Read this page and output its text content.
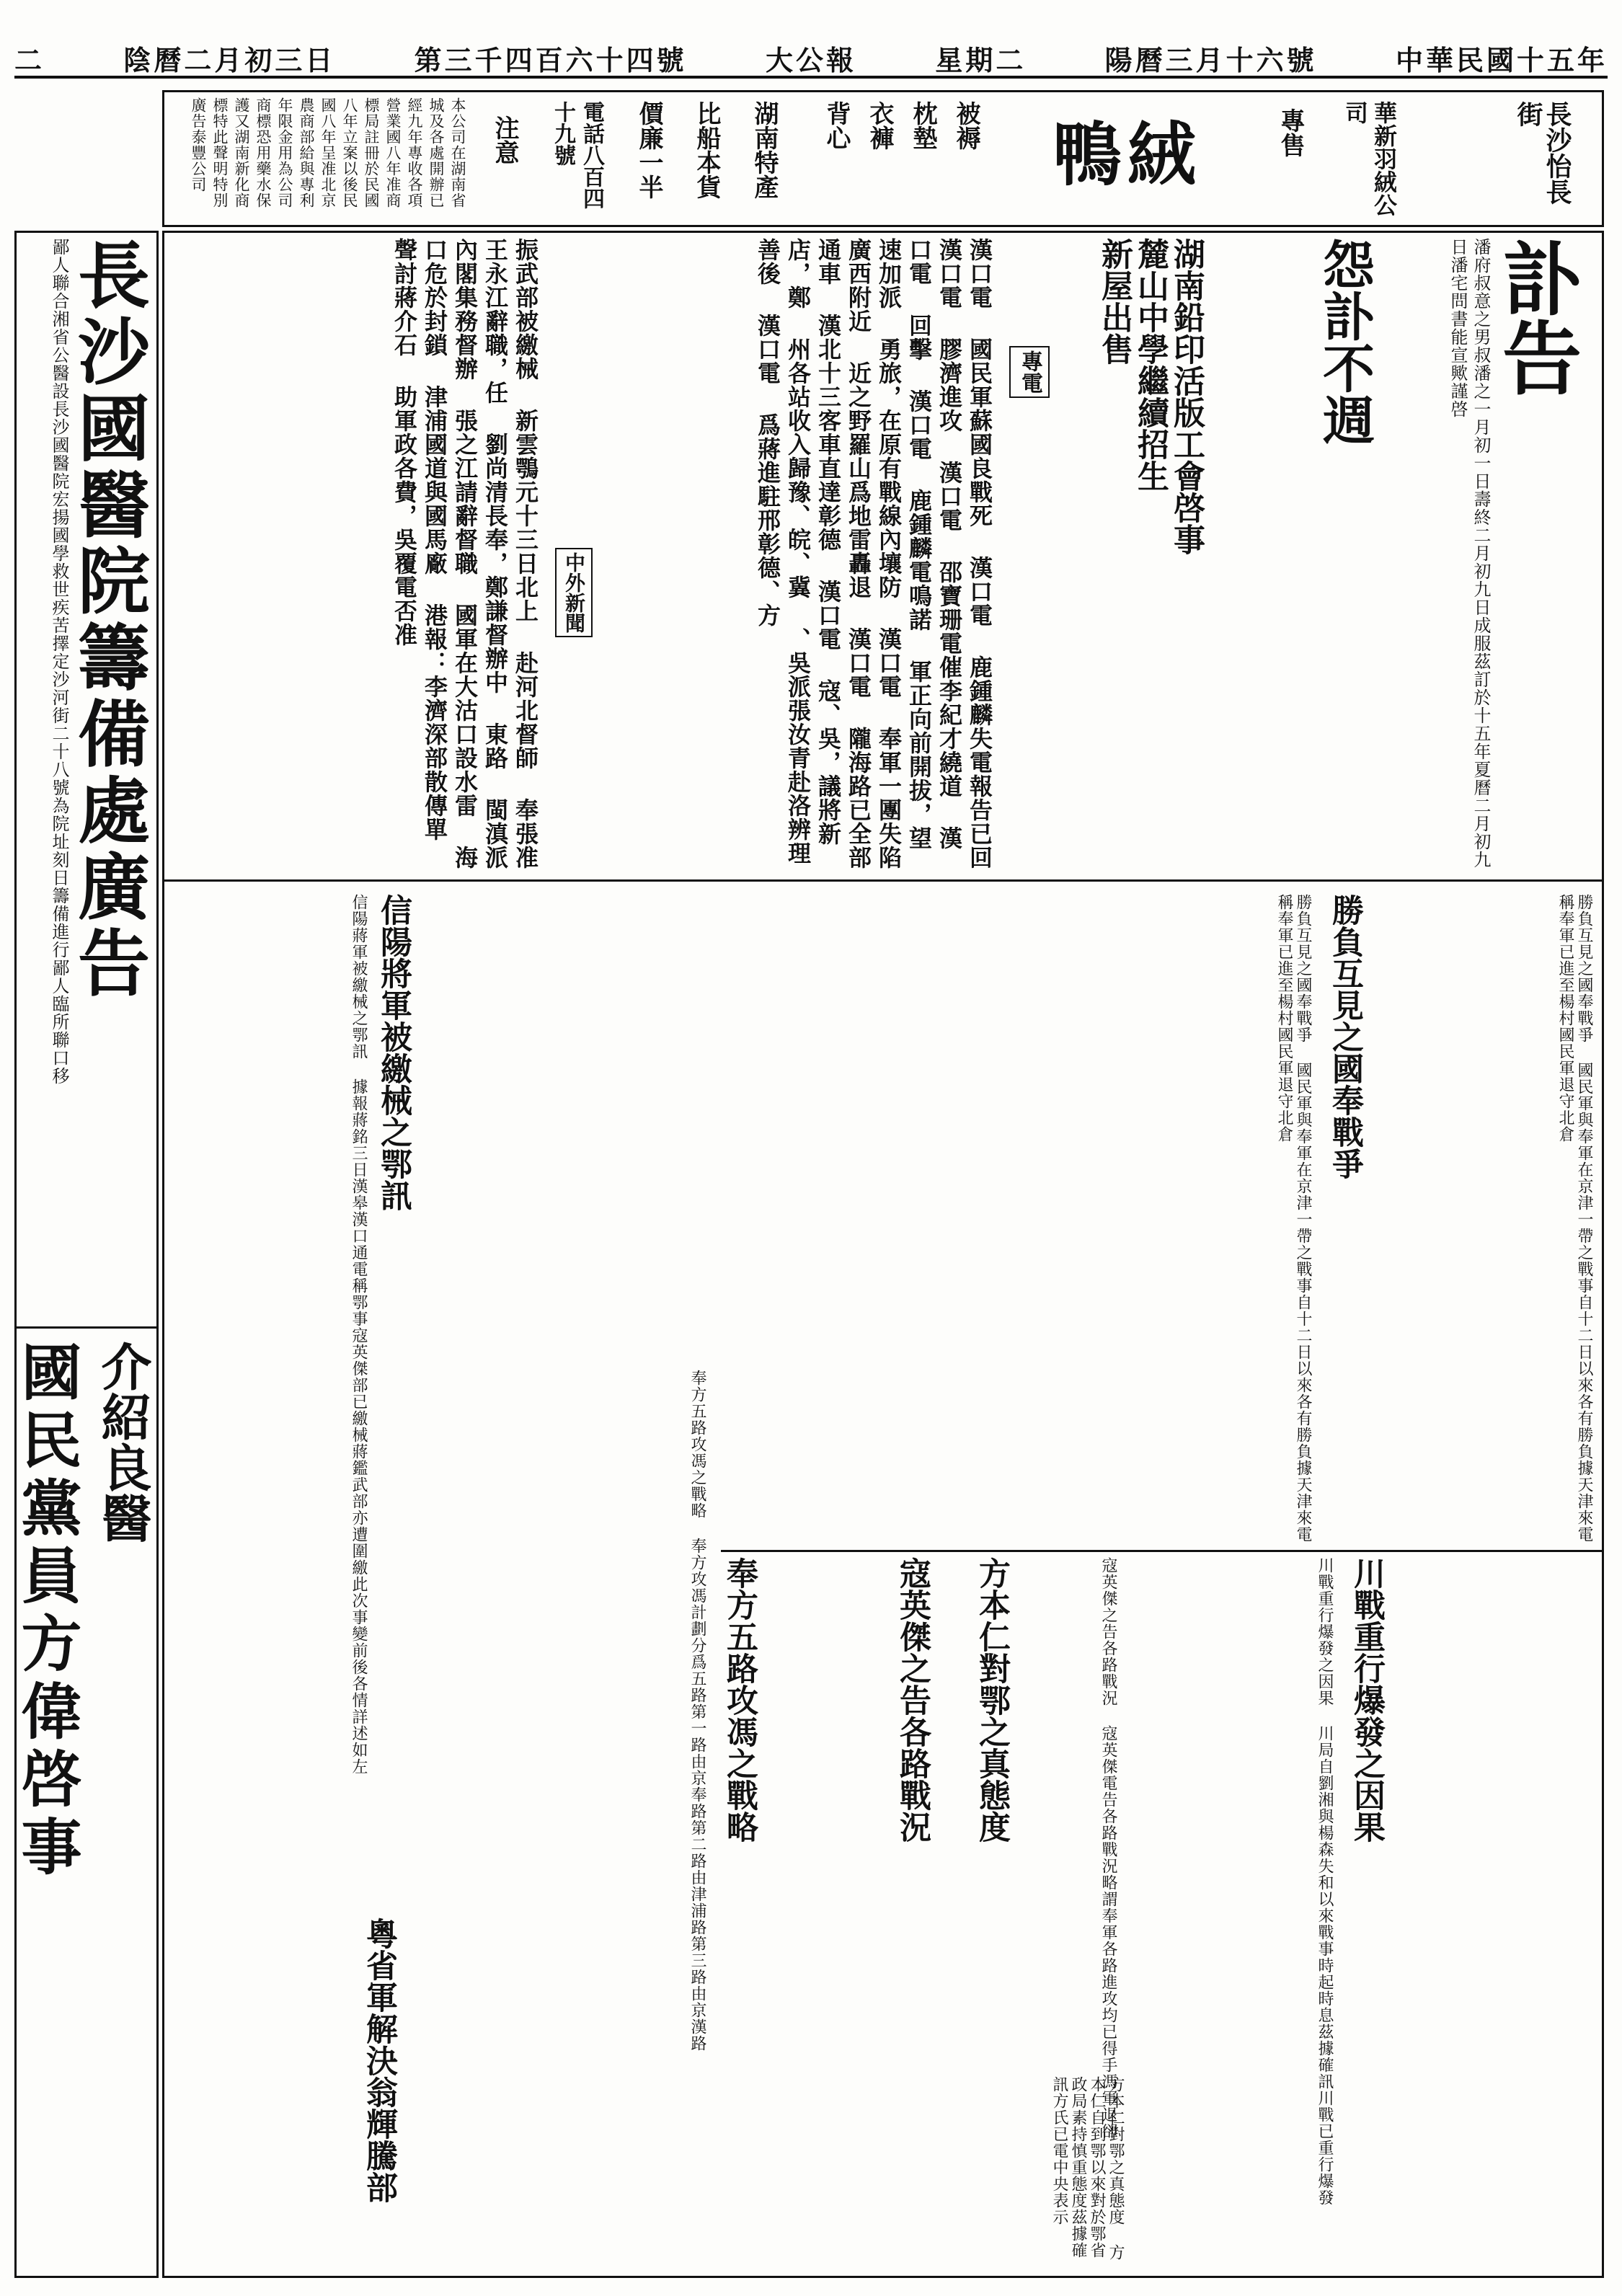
二	陰曆二月初三日	第三千四百六十四號	大公報	星期二	陽曆三月十六號	中華民國十五年
本公司在湖南省城及各處開辦已經九年專收各項營業國八年准商標局註冊於民國八年立案以後民國八年呈准北京農商部給與專利年限金用為公司商標恐用藥水保護又湖南新化商標特此聲明特別廣告泰豐公司	注意	電話八百四十九號	價廉一半 比船本貨 湖南特產 背心 衣褲 枕墊 被褥 鴨絨	專售	華新羽絨公司	長沙怡長街
長沙國醫院籌備處廣告
鄙人聯合湘省公醫設長沙國醫院宏揚國學救世疾苦擇定沙河街二十八號為院址刻日籌備進行鄙人臨所聯口移
介紹良醫
國民黨員方偉啓事
訃告
怨訃不週	潘府叔意之男叔潘之一月初一日壽終二月初九日成服茲訂於十五年夏曆二月初九日潘宅問書能宣歟謹啓
湖南鉛印活版工會啓事
麓山中學繼續招生
新屋出售
專電
漢口電 國民軍蘇國良戰死 漢口電 鹿鍾麟失電報告已回 漢口電 膠濟進攻 漢口電 邵寶珊電催李紀才繞道 漢口電 回擊 漢口電 鹿鍾麟電鳴諾 軍正向前開拔，望速加派 勇旅，在原有戰線內壤防 漢口電 奉軍一團失陷廣西附近 近之野羅山爲地雷轟退 漢口電 隴海路已全部通車 漢北十三客車直達彰德 漢口電 寇、吳，議將新店，鄭 州各站收入歸豫、皖、冀 、吳派張汝青赴洛辨理善後 漢口電 爲蔣進駐邢彰德、方
振武部被繳械 新雲鶚元十三日北上 赴河北督師 奉張准王永江辭職，任 劉尚清長奉，鄭謙督辦中 東路 閩滇派內閣集務督辦 張之江請辭督職 國軍在大沽口設水雷 海口危於封鎖 津浦國道與國馬廠 港報：李濟深部散傳單 聲討蔣介石 助軍政各費，吳覆電否准	中外新聞
信陽將軍被繳械之鄂訊
信陽蔣軍被繳械之鄂訊 據報蔣銘三日漢皋漢口通電稱鄂事寇英傑部已繳械蔣鑑武部亦遭圍繳此次事變前後各情詳述如左	勝負互見之國奉戰爭
勝負互見之國奉戰爭 國民軍與奉軍在京津一帶之戰事自十二日以來各有勝負據天津來電稱奉軍已進至楊村國民軍退守北倉	勝負互見之國奉戰爭 國民軍與奉軍在京津一帶之戰事自十二日以來各有勝負據天津來電稱奉軍已進至楊村國民軍退守北倉
寇英傑之告各路戰況	寇英傑之告各路戰況 寇英傑電告各路戰況略謂奉軍各路進攻均已得手馮軍退卻
奉方五路攻馮之戰略
奉方五路攻馮之戰略 奉方攻馮計劃分爲五路第一路由京奉路第二路由津浦路第三路由京漢路	方本仁對鄂之真態度
方本仁對鄂之真態度 方本仁自到鄂以來對於鄂省政局素持慎重態度茲據確訊方氏已電中央表示
川戰重行爆發之因果
川戰重行爆發之因果 川局自劉湘與楊森失和以來戰事時起時息茲據確訊川戰已重行爆發
粵省軍解決翁輝騰部
